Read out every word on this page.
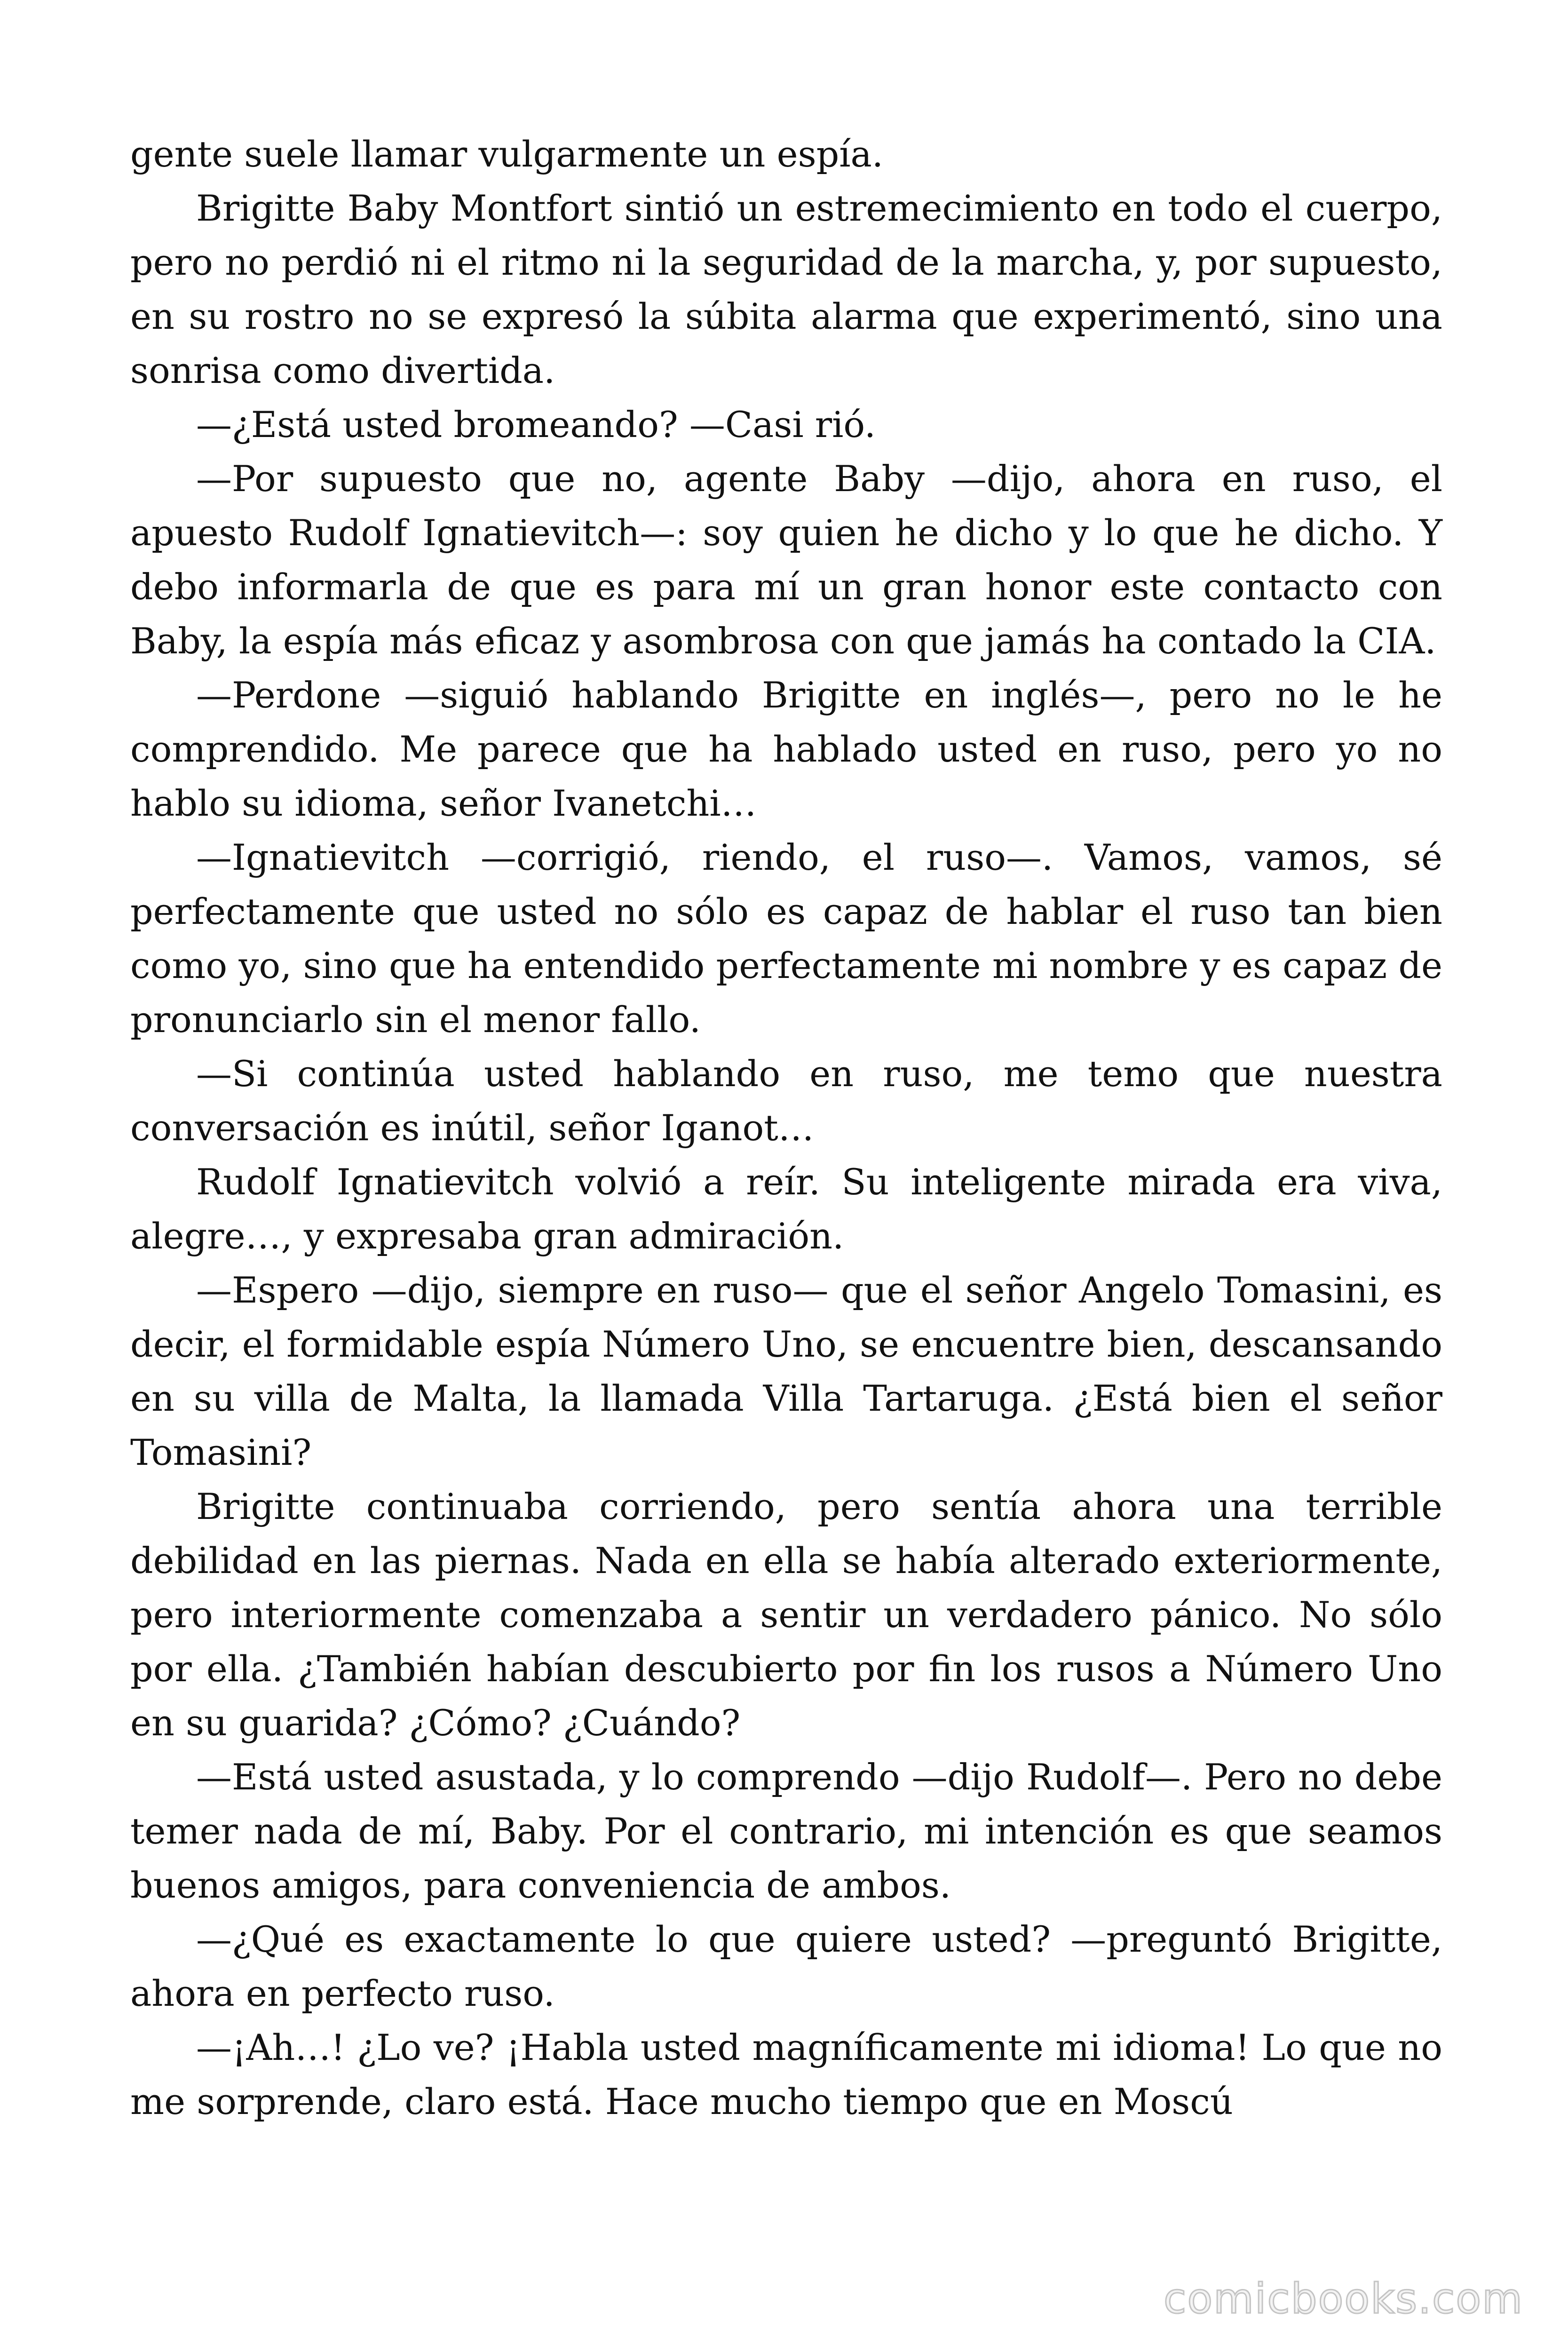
gente suele llamar vulgarmente un espía.

Brigitte Baby Montfort sintió un estremecimiento en todo el cuerpo, pero no perdió ni el ritmo ni la seguridad de la marcha, y, por supuesto, en su rostro no se expresó la súbita alarma que experimentó, sino una sonrisa como divertida.

—¿Está usted bromeando? —Casi rió.

—Por supuesto que no, agente Baby —dijo, ahora en ruso, el apuesto Rudolf Ignatievitch—: soy quien he dicho y lo que he dicho. Y debo informarla de que es para mí un gran honor este contacto con Baby, la espía más eficaz y asombrosa con que jamás ha contado la CIA.

—Perdone —siguió hablando Brigitte en inglés—, pero no le he comprendido. Me parece que ha hablado usted en ruso, pero yo no hablo su idioma, señor Ivanetchi…

—Ignatievitch —corrigió, riendo, el ruso—. Vamos, vamos, sé perfectamente que usted no sólo es capaz de hablar el ruso tan bien como yo, sino que ha entendido perfectamente mi nombre y es capaz de pronunciarlo sin el menor fallo.

—Si continúa usted hablando en ruso, me temo que nuestra conversación es inútil, señor Iganot…

Rudolf Ignatievitch volvió a reír. Su inteligente mirada era viva, alegre…, y expresaba gran admiración.

—Espero —dijo, siempre en ruso— que el señor Angelo Tomasini, es decir, el formidable espía Número Uno, se encuentre bien, descansando en su villa de Malta, la llamada Villa Tartaruga. ¿Está bien el señor Tomasini?

Brigitte continuaba corriendo, pero sentía ahora una terrible debilidad en las piernas. Nada en ella se había alterado exteriormente, pero interiormente comenzaba a sentir un verdadero pánico. No sólo por ella. ¿También habían descubierto por fin los rusos a Número Uno en su guarida? ¿Cómo? ¿Cuándo?

—Está usted asustada, y lo comprendo —dijo Rudolf—. Pero no debe temer nada de mí, Baby. Por el contrario, mi intención es que seamos buenos amigos, para conveniencia de ambos.

—¿Qué es exactamente lo que quiere usted? —preguntó Brigitte, ahora en perfecto ruso.

—¡Ah…! ¿Lo ve? ¡Habla usted magníficamente mi idioma! Lo que no me sorprende, claro está. Hace mucho tiempo que en Moscú

comicbooks.com
